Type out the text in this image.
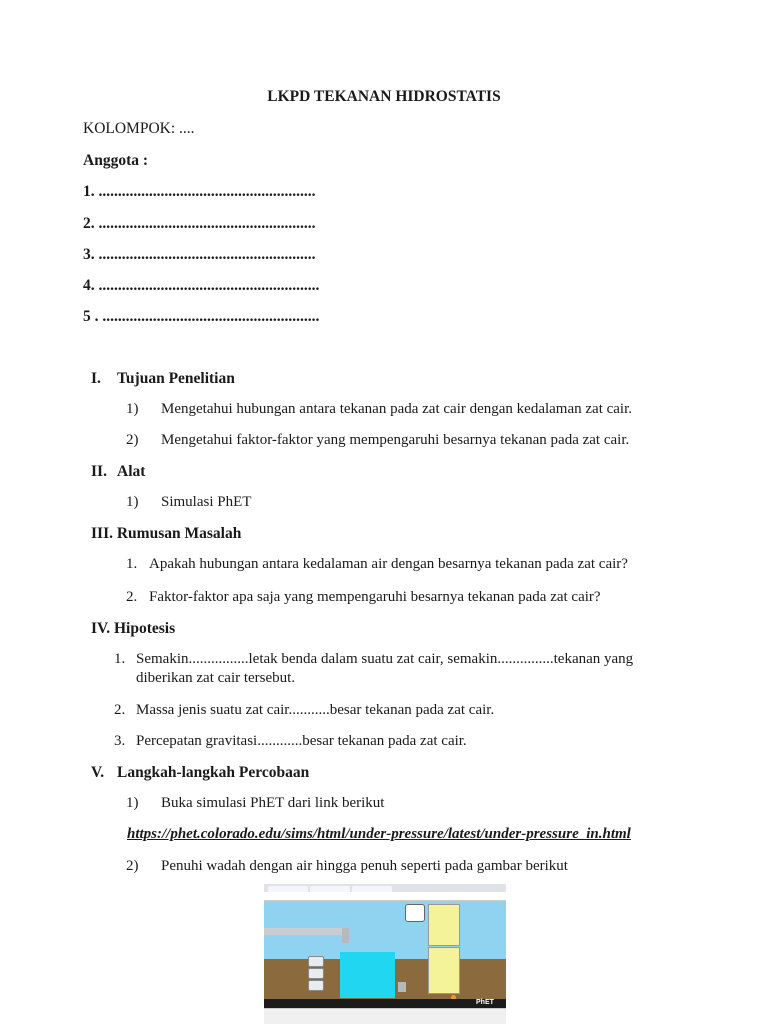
LKPD TEKANAN HIDROSTATIS
KOLOMPOK: ....
Anggota :
1. ........................................................
2. ........................................................
3. ........................................................
4. .........................................................
5 . ........................................................
I. Tujuan Penelitian
1) Mengetahui hubungan antara tekanan pada zat cair dengan kedalaman zat cair.
2) Mengetahui faktor-faktor yang mempengaruhi besarnya tekanan pada zat cair.
II. Alat
1) Simulasi PhET
III. Rumusan Masalah
1. Apakah hubungan antara kedalaman air dengan besarnya tekanan pada zat cair?
2. Faktor-faktor apa saja yang mempengaruhi besarnya tekanan pada zat cair?
IV. Hipotesis
1. Semakin................letak benda dalam suatu zat cair, semakin...............tekanan yang
diberikan zat cair tersebut.
2. Massa jenis suatu zat cair...........besar tekanan pada zat cair.
3. Percepatan gravitasi............besar tekanan pada zat cair.
V. Langkah-langkah Percobaan
1) Buka simulasi PhET dari link berikut
https://phet.colorado.edu/sims/html/under-pressure/latest/under-pressure_in.html
2) Penuhi wadah dengan air hingga penuh seperti pada gambar berikut
PhET
